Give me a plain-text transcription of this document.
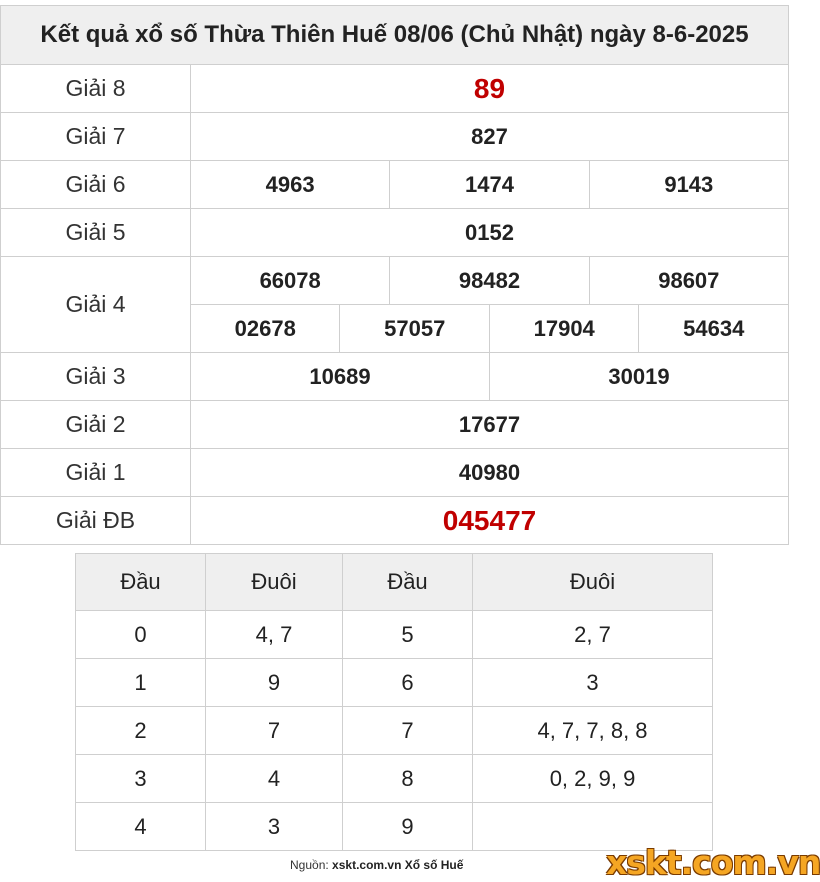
Kết quả xổ số Thừa Thiên Huế 08/06 (Chủ Nhật) ngày 8-6-2025						
Giải 8	89					
Giải 7	827					
Giải 6	4963		1474		9143	
Giải 5	0152					
Giải 4	66078		98482		98607	
	02678	57057		17904		54634
Giải 3	10689			30019		
Giải 2	17677					
Giải 1	40980					
Giải ĐB	045477					
Đầu	Đuôi	Đầu	Đuôi
0	4, 7	5	2, 7
1	9	6	3
2	7	7	4, 7, 7, 8, 8
3	4	8	0, 2, 9, 9
4	3	9	
Nguồn: xskt.com.vn Xổ số Huế	xskt.com.vn
